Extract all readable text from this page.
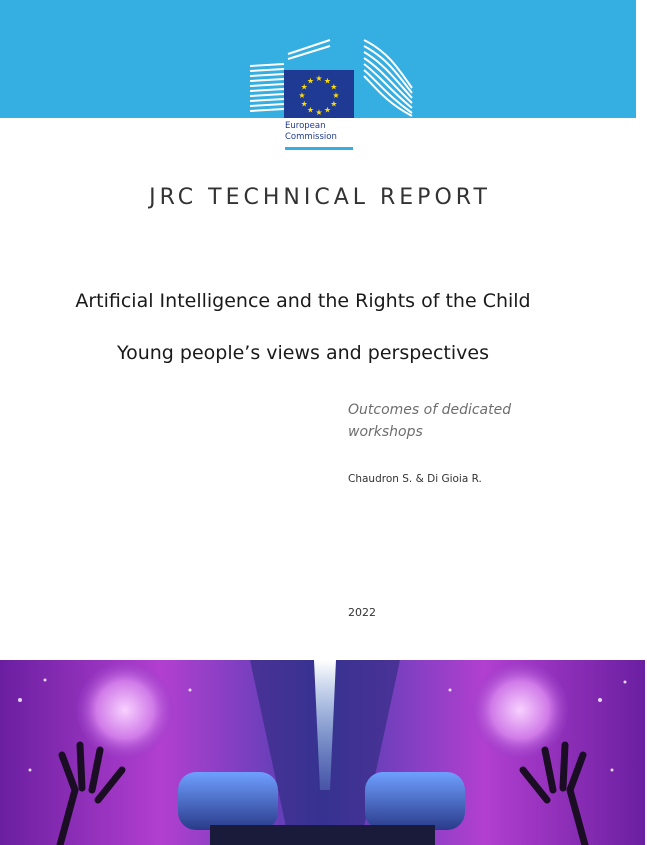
★ ★
★
★
★
★
★
★
★
★
★
★
European
Commission
JRC TECHNICAL REPORT
Artificial Intelligence and the Rights of the Child
Young people’s views and perspectives
Outcomes of dedicated workshops
Chaudron S. & Di Gioia R.
2022
